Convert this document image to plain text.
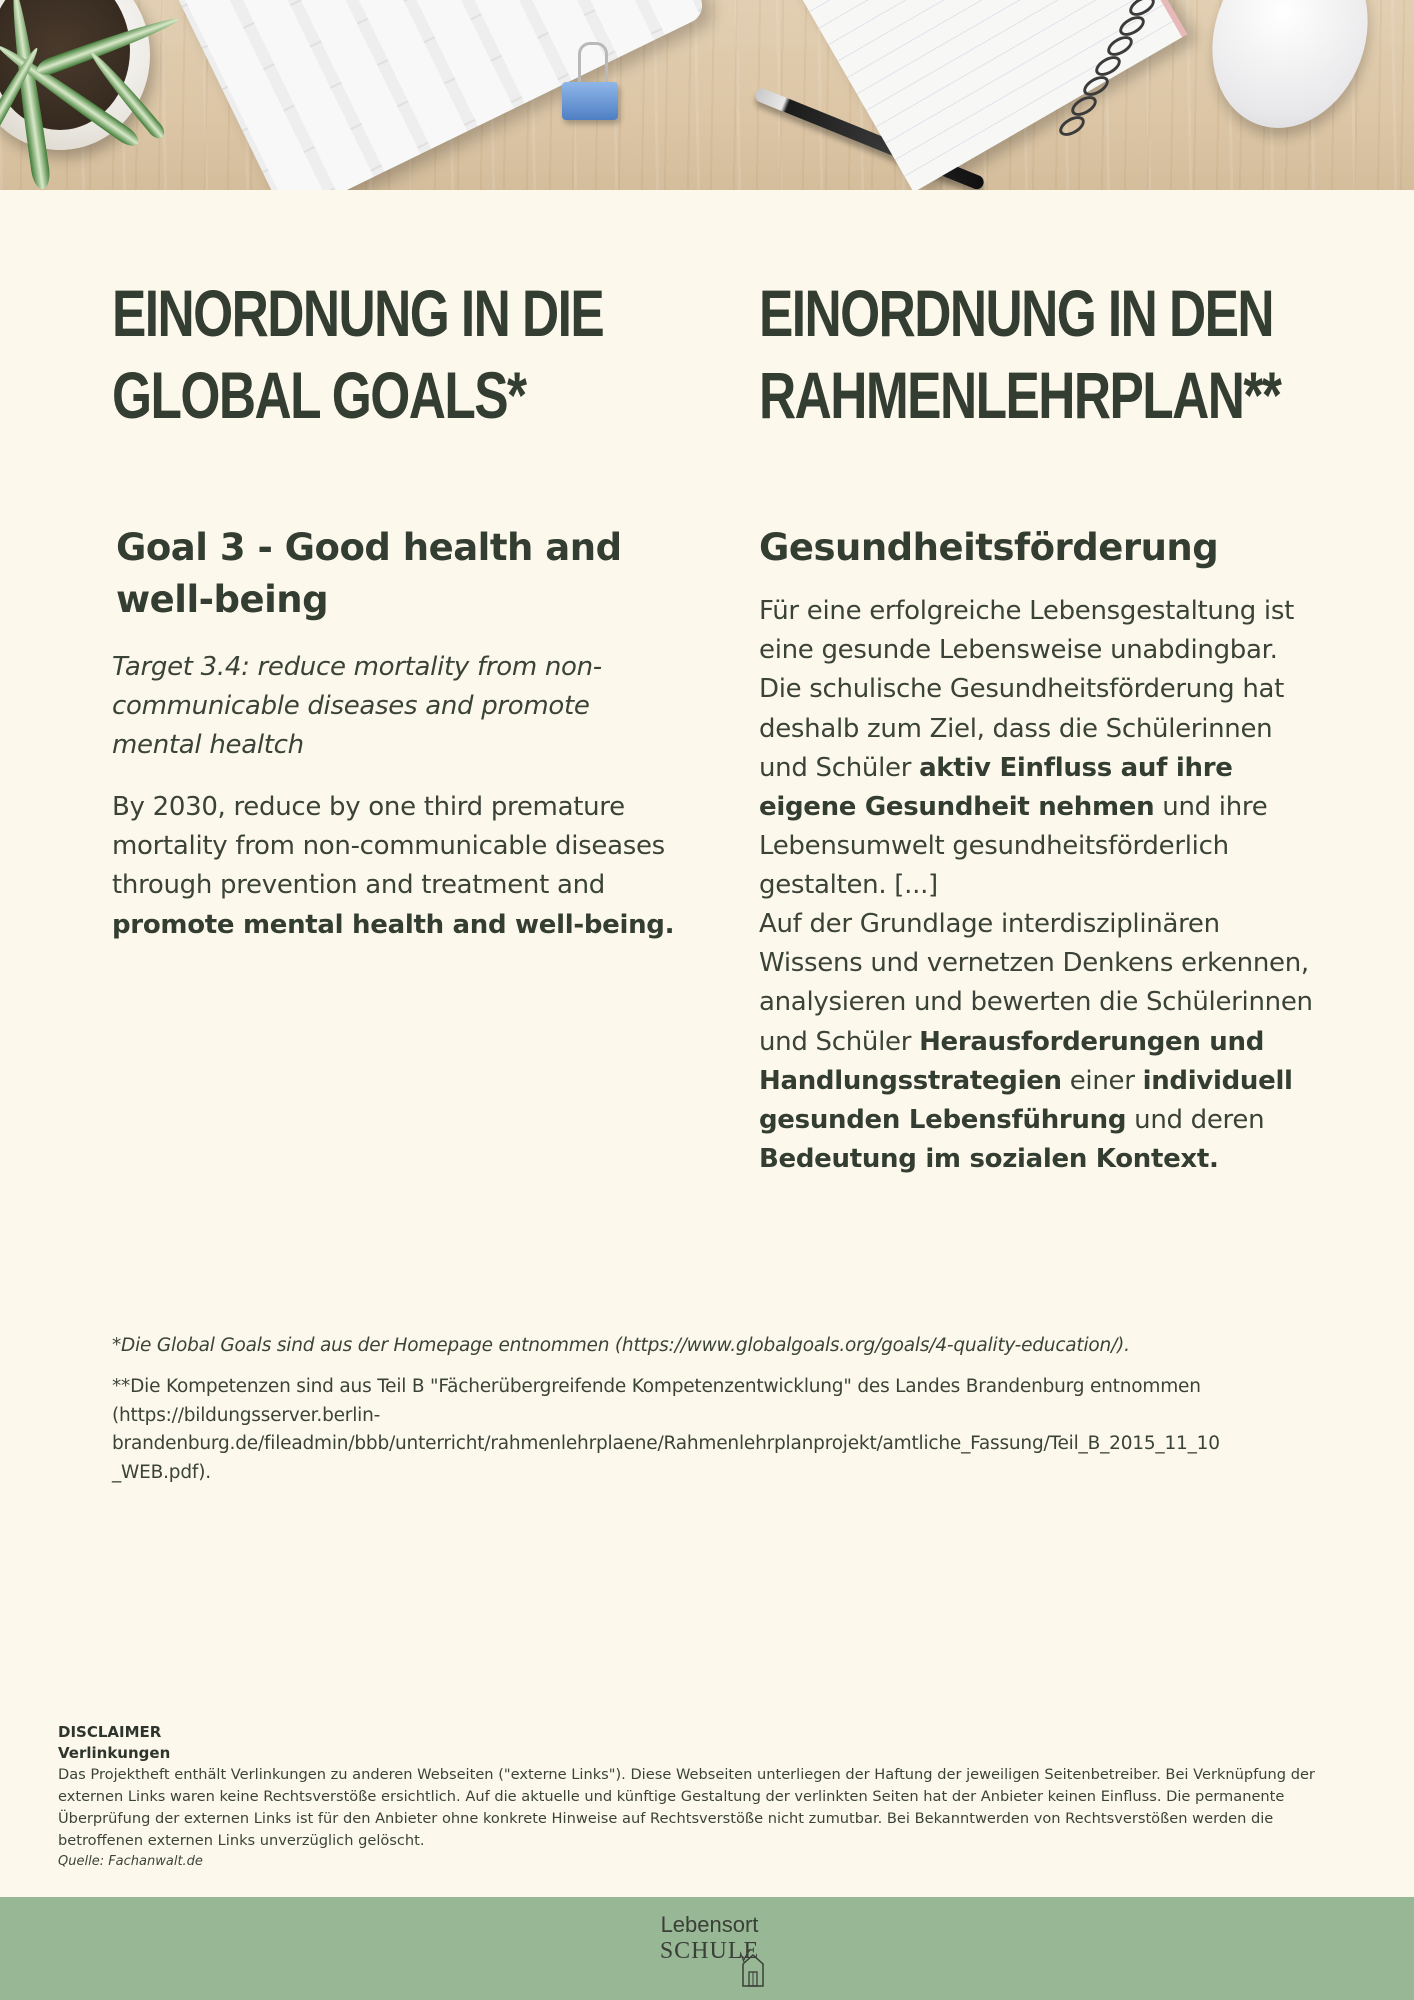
EINORDNUNG IN DIE
GLOBAL GOALS*
Goal 3 - Good health and
well-being

Target 3.4: reduce mortality from non-communicable diseases and promote mental healtch

By 2030, reduce by one third premature mortality from non-communicable diseases through prevention and treatment and promote mental health and well-being.

EINORDNUNG IN DEN
RAHMENLEHRPLAN**
Gesundheitsförderung

Für eine erfolgreiche Lebensgestaltung ist eine gesunde Lebensweise unabdingbar. Die schulische Gesundheitsförderung hat deshalb zum Ziel, dass die Schülerinnen und Schüler aktiv Einfluss auf ihre eigene Gesundheit nehmen und ihre Lebensumwelt gesundheitsförderlich gestalten. [...]

Auf der Grundlage interdisziplinären Wissens und vernetzen Denkens erkennen, analysieren und bewerten die Schülerinnen und Schüler Herausforderungen und Handlungsstrategien einer individuell gesunden Lebensführung und deren Bedeutung im sozialen Kontext.

*Die Global Goals sind aus der Homepage entnommen (https://www.globalgoals.org/goals/4-quality-education/).

**Die Kompetenzen sind aus Teil B "Fächerübergreifende Kompetenzentwicklung" des Landes Brandenburg entnommen
(https://bildungsserver.berlin-
brandenburg.de/fileadmin/bbb/unterricht/rahmenlehrplaene/Rahmenlehrplanprojekt/amtliche_Fassung/Teil_B_2015_11_10
_WEB.pdf).

DISCLAIMER

Verlinkungen

Das Projektheft enthält Verlinkungen zu anderen Webseiten ("externe Links"). Diese Webseiten unterliegen der Haftung der jeweiligen Seitenbetreiber. Bei Verknüpfung der externen Links waren keine Rechtsverstöße ersichtlich. Auf die aktuelle und künftige Gestaltung der verlinkten Seiten hat der Anbieter keinen Einfluss. Die permanente Überprüfung der externen Links ist für den Anbieter ohne konkrete Hinweise auf Rechtsverstöße nicht zumutbar. Bei Bekanntwerden von Rechtsverstößen werden die betroffenen externen Links unverzüglich gelöscht.

Quelle: Fachanwalt.de

Lebensort
SCHULE
